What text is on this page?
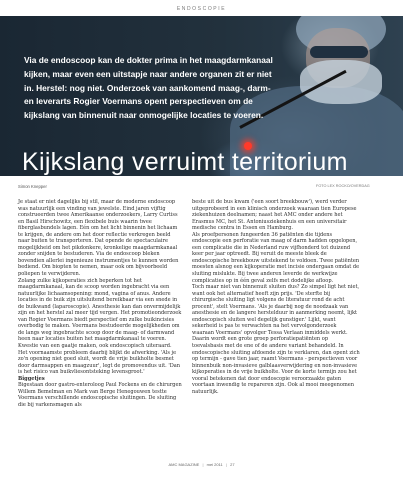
ENDOSCOPIE
Via de endoscoop kan de dokter prima in het maagdarmkanaal kijken, maar even een uitstapje naar andere organen zit er niet in. Herstel: nog niet. Onderzoek van aankomend maag-, darm- en leverarts Rogier Voermans opent perspectieven om de kijkslang van binnenuit naar onmogelijke locaties te voeren.
Kijkslang verruimt territorium
Simon Knepper	FOTO LEX ROCKO/OVERDAG

Je staat er niet dagelijks bij stil, maar de moderne endoscoop was natuurlijk een vinding van jewelste. Eind jaren vijftig construeerden twee Amerikaanse onderzoekers, Larry Curtiss en Basil Hirschowitz, een flexibele buis waarin twee fiberglasbundels lagen. Eén om het licht binnenin het lichaam te krijgen, de andere om het door reflectie verkregen beeld naar buiten te transporteren. Dat opende de spectaculaire mogelijkheid om het pikdonkere, kronkelige maagdarmkanaal zonder snijden te bestuderen. Via de endoscoop bleken bovendien allerlei ingenieuze instrumentjes te kunnen worden bediend. Om biopten te nemen, maar ook om bijvoorbeeld poliepen te verwijderen.

Zolang zulke kijkoperaties zich beperken tot het maagdarmkanaal, kan de scoop worden ingebracht via een natuurlijke lichaamsopening: mond, vagina of anus. Andere locaties in de buik zijn uitsluitend bereikbaar via een snede in de buikwand (laparoscopie). Anesthesie kan dan onvermijdelijk zijn en het herstel zal meer tijd vergen. Het promotieonderzoek van Rogier Voermans biedt perspectief om zulke buikincisies overbodig te maken. Voermans bestudeerde mogelijkheden om de langs weg ingebrachte scoop door de maag- of darmwand heen naar locaties buiten het maagdarmkanaal te voeren. Kwestie van een gaatje maken, ook endoscopisch uiteraard. Het voornaamste probleem daarbij blijkt de afwerking. 'Als je zo'n opening niet goed sluit, wordt de vrije buikholte besmet door darmsappen en maagzuur', legt de promovendus uit. 'Dan is het risico van buikvliesontsteking levensgroot.'

Biggetjes

Bigestaan door gastro-enteroloog Paul Fockens en de chirurgen Willem Bemelman en Mark van Berge Henegouwen testte Voermans verschillende endoscopische sluitingen. De sluiting die bij varkensmagen als

beste uit de bus kwam ('een soort breekbouw'), werd verder uitgeprobeerd in een klinisch onderzoek waaraan tien Europese ziekenhuizen deelnamen; naast het AMC onder andere het Erasmus MC, het St. Antoniusziekenhuis en een universitair medische centra in Essen en Hamburg.

Als proefpersonen fungeerden 36 patiënten die tijdens endoscopie een perforatie van maag of darm hadden opgelopen, een complicatie die in Nederland ruw vijfhonderd tot duizend keer per jaar optreedt. Bij veruit de meeste bleek de endoscopische breekbouw uitstekend te voldoen. Twee patiënten moesten alsnog een kijkoperatie met incisie ondergaan omdat de sluiting mislukte. Bij twee anderen leverde de werkwijze complicaties op in één geval zelfs met dodelijke afloop.

Toch maar niet van binnenuit sluiten dus? Zo simpel ligt het niet, want ook het alternatief heeft zijn prijs. 'De sterfte bij chirurgische sluiting ligt volgens de literatuur rond de acht procent', stelt Voermans. 'Als je daarbij nog de noodzaak van anesthesie en de langere herstelduur in aanmerking neemt, lijkt endoscopisch sluiten wel degelijk gunstiger.' Lijkt, want sekerheid is pas te verwachten na het vervolgonderzoek waaraan Voermans' opvolger Tessa Verlaan inmiddels werkt. Daarin wordt een grote groep perforatiepatiënten op toevalsbasis met de ene of de andere variant behandeld. In endoscopische sluiting afdoende zijn te verklaren, dan opent zich op termijn - gave tien jaar, raamt Voermans - perspectieven voor binnenbuik non-invasieve galblaasverwijdering en non-invasieve kijkoperaties in de vrije buikholte. Voor de korte termijn zou het vooral betekenen dat door endoscopie veroorzaakte gaten voortaan inwendig te repareren zijn. Ook al mooi meegenomen natuurlijk.

AMC MAGAZINE | mei 2011 | 27
